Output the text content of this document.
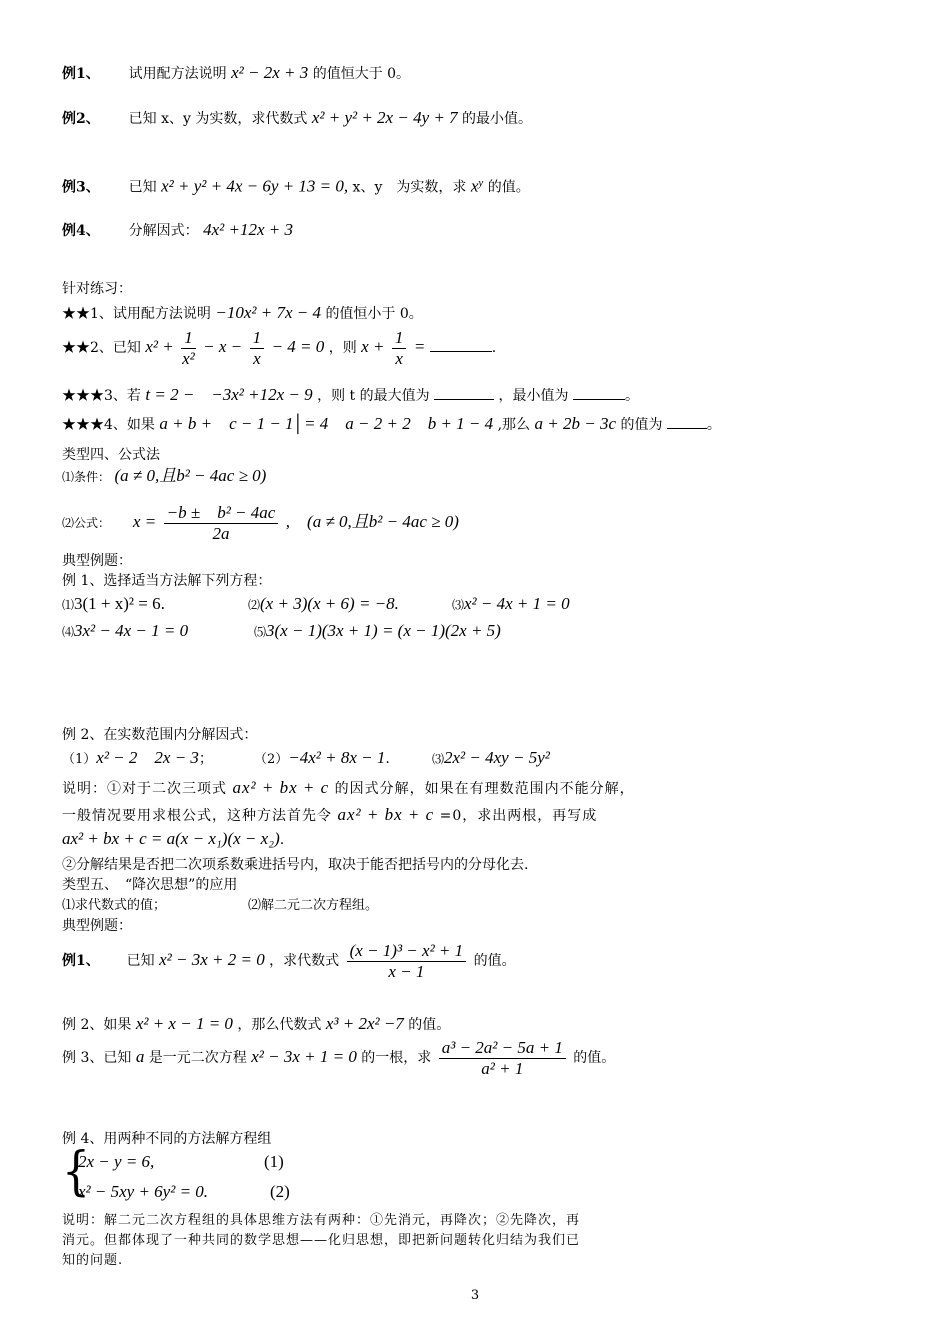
例1、 试用配方法说明 x² − 2x + 3 的值恒大于 0。
例2、 已知 x、y 为实数，求代数式 x² + y² + 2x − 4y + 7 的最小值。
例3、 已知 x² + y² + 4x − 6y + 13 = 0, x、y　为实数，求 $x^y$ 的值。
例4、 分解因式： 4x² +12x + 3
针对练习：
★★1、试用配方法说明 −10x² + 7x − 4 的值恒小于 0。
★★2、已知 $x^2 + \frac{1}{\text{x²}} - x - \frac{1}{x} - 4 = 0$ ，则 $x + \frac{1}{x}$ =	.
★★★3、若 t = 2 −　−3x² +12x − 9 ，则 t 的最大值为	，最小值为	。
★★★4、如果 a + b +　c − 1 − 1│= 4　a − 2 + 2　b + 1 − 4 ,那么 a + 2b − 3c 的值为	。
类型四、公式法
⑴条件： (a ≠ 0,且b² − 4ac ≥ 0)
⑵公式： $x = \frac{\text{−b ±　b² − 4ac}}{2a}$ ,　(a ≠ 0,且b² − 4ac ≥ 0)
典型例题：
例 1、选择适当方法解下列方程：
⑴3(1 + x)² = 6.	⑵(x + 3)(x + 6) = −8.	⑶x² − 4x + 1 = 0
⑷3x² − 4x − 1 = 0	⑸3(x − 1)(3x + 1) = (x − 1)(2x + 5)
例 2、在实数范围内分解因式：
（1）x² − 2　2x − 3；	（2）−4x² + 8x − 1.	⑶2x² − 4xy − 5y²
说明：①对于二次三项式 ax² + bx + c 的因式分解，如果在有理数范围内不能分解，
一般情况要用求根公式，这种方法首先令 ax² + bx + c =0，求出两根，再写成
ax² + bx + c = a(x − x₁)(x − x₂).
②分解结果是否把二次项系数乘进括号内，取决于能否把括号内的分母化去.
类型五、　“降次思想”的应用
⑴求代数式的值；	⑵解二元二次方程组。
典型例题：
例1、 已知 x² − 3x + 2 = 0 ，求代数式 $\frac{\text{(x − 1)³ − x² + 1}}{x - 1}$ 的值。
例 2、如果 x² + x − 1 = 0 ，那么代数式 x³ + 2x² −7 的值。
例 3、已知 a 是一元二次方程 x² − 3x + 1 = 0 的一根，求 $\frac{\text{a³ − 2a² − 5a + 1}}{\text{a² + 1}}$ 的值。
例 4、用两种不同的方法解方程组
{
2x − y = 6,	(1)
x² − 5xy + 6y² = 0.	(2)
说明：解二元二次方程组的具体思维方法有两种：①先消元，再降次；②先降次，再
消元。但都体现了一种共同的数学思想——化归思想，即把新问题转化归结为我们已
知的问题.
3
